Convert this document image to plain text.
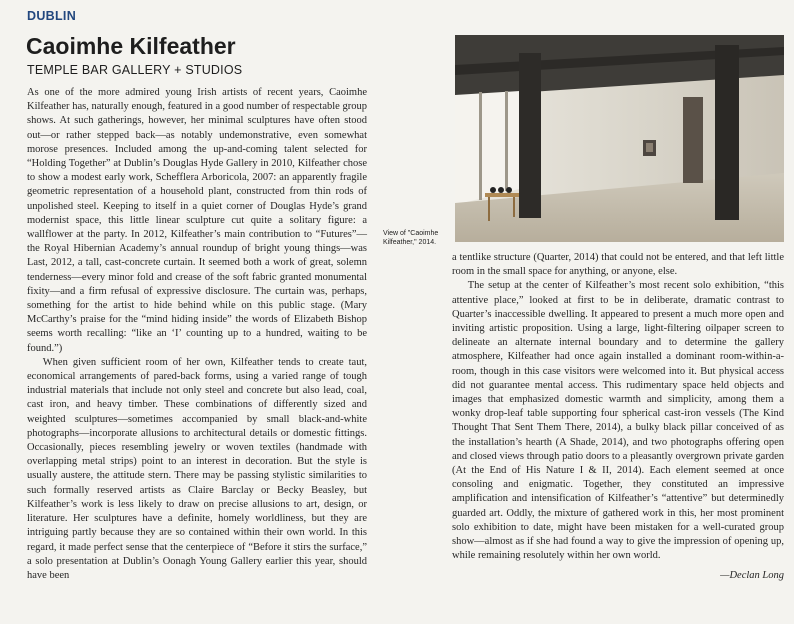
DUBLIN
Caoimhe Kilfeather
TEMPLE BAR GALLERY + STUDIOS

As one of the more admired young Irish artists of recent years, Caoimhe Kilfeather has, naturally enough, featured in a good number of respectable group shows. At such gatherings, however, her minimal sculptures have often stood out—or rather stepped back—as notably undemonstrative, even somewhat morose presences. Included among the up-and-coming talent selected for “Holding Together” at Dublin’s Douglas Hyde Gallery in 2010, Kilfeather chose to show a modest early work, Schefflera Arboricola, 2007: an apparently fragile geometric representation of a household plant, constructed from thin rods of unpolished steel. Keeping to itself in a quiet corner of Douglas Hyde’s grand modernist space, this little linear sculpture cut quite a solitary figure: a wallflower at the party. In 2012, Kilfeather’s main contribution to “Futures”—the Royal Hibernian Academy’s annual roundup of bright young things—was Last, 2012, a tall, cast-concrete curtain. It seemed both a work of great, solemn tenderness—every minor fold and crease of the soft fabric granted monumental fixity—and a firm refusal of expressive disclosure. The curtain was, perhaps, something for the artist to hide behind while on this public stage. (Mary McCarthy’s praise for the “mind hiding inside” the words of Elizabeth Bishop seems worth recalling: “like an ‘I’ counting up to a hundred, waiting to be found.”)

When given sufficient room of her own, Kilfeather tends to create taut, economical arrangements of pared-back forms, using a varied range of tough industrial materials that include not only steel and concrete but also lead, coal, cast iron, and heavy timber. These combinations of differently sized and weighted sculptures—sometimes accompanied by small black-and-white photographs—incorporate allusions to architectural details or domestic fittings. Occasionally, pieces resembling jewelry or woven textiles (handmade with overlapping metal strips) point to an interest in decoration. But the style is usually austere, the attitude stern. There may be passing stylistic similarities to such formally reserved artists as Claire Barclay or Becky Beasley, but Kilfeather’s work is less likely to draw on precise allusions to art, design, or literature. Her sculptures have a definite, homely worldliness, but they are intriguing partly because they are so contained within their own world. In this regard, it made perfect sense that the centerpiece of “Before it stirs the surface,” a solo presentation at Dublin’s Oonagh Young Gallery earlier this year, should have been

View of "Caoimhe Kilfeather," 2014.

a tentlike structure (Quarter, 2014) that could not be entered, and that left little room in the small space for anything, or anyone, else.

The setup at the center of Kilfeather’s most recent solo exhibition, “this attentive place,” looked at first to be in deliberate, dramatic contrast to Quarter’s inaccessible dwelling. It appeared to present a much more open and inviting artistic proposition. Using a large, light-filtering oilpaper screen to delineate an alternate internal boundary and to determine the gallery atmosphere, Kilfeather had once again installed a dominant room-within-a-room, though in this case visitors were welcomed into it. But physical access did not guarantee mental access. This rudimentary space held objects and images that emphasized domestic warmth and simplicity, among them a wonky drop-leaf table supporting four spherical cast-iron vessels (The Kind Thought That Sent Them There, 2014), a bulky black pillar conceived of as the installation’s hearth (A Shade, 2014), and two photographs offering open and closed views through patio doors to a pleasantly overgrown private garden (At the End of His Nature I & II, 2014). Each element seemed at once consoling and enigmatic. Together, they constituted an impressive amplification and intensification of Kilfeather’s “attentive” but determinedly guarded art. Oddly, the mixture of gathered work in this, her most prominent solo exhibition to date, might have been mistaken for a well-curated group show—almost as if she had found a way to give the impression of opening up, while remaining resolutely within her own world.

—Declan Long
